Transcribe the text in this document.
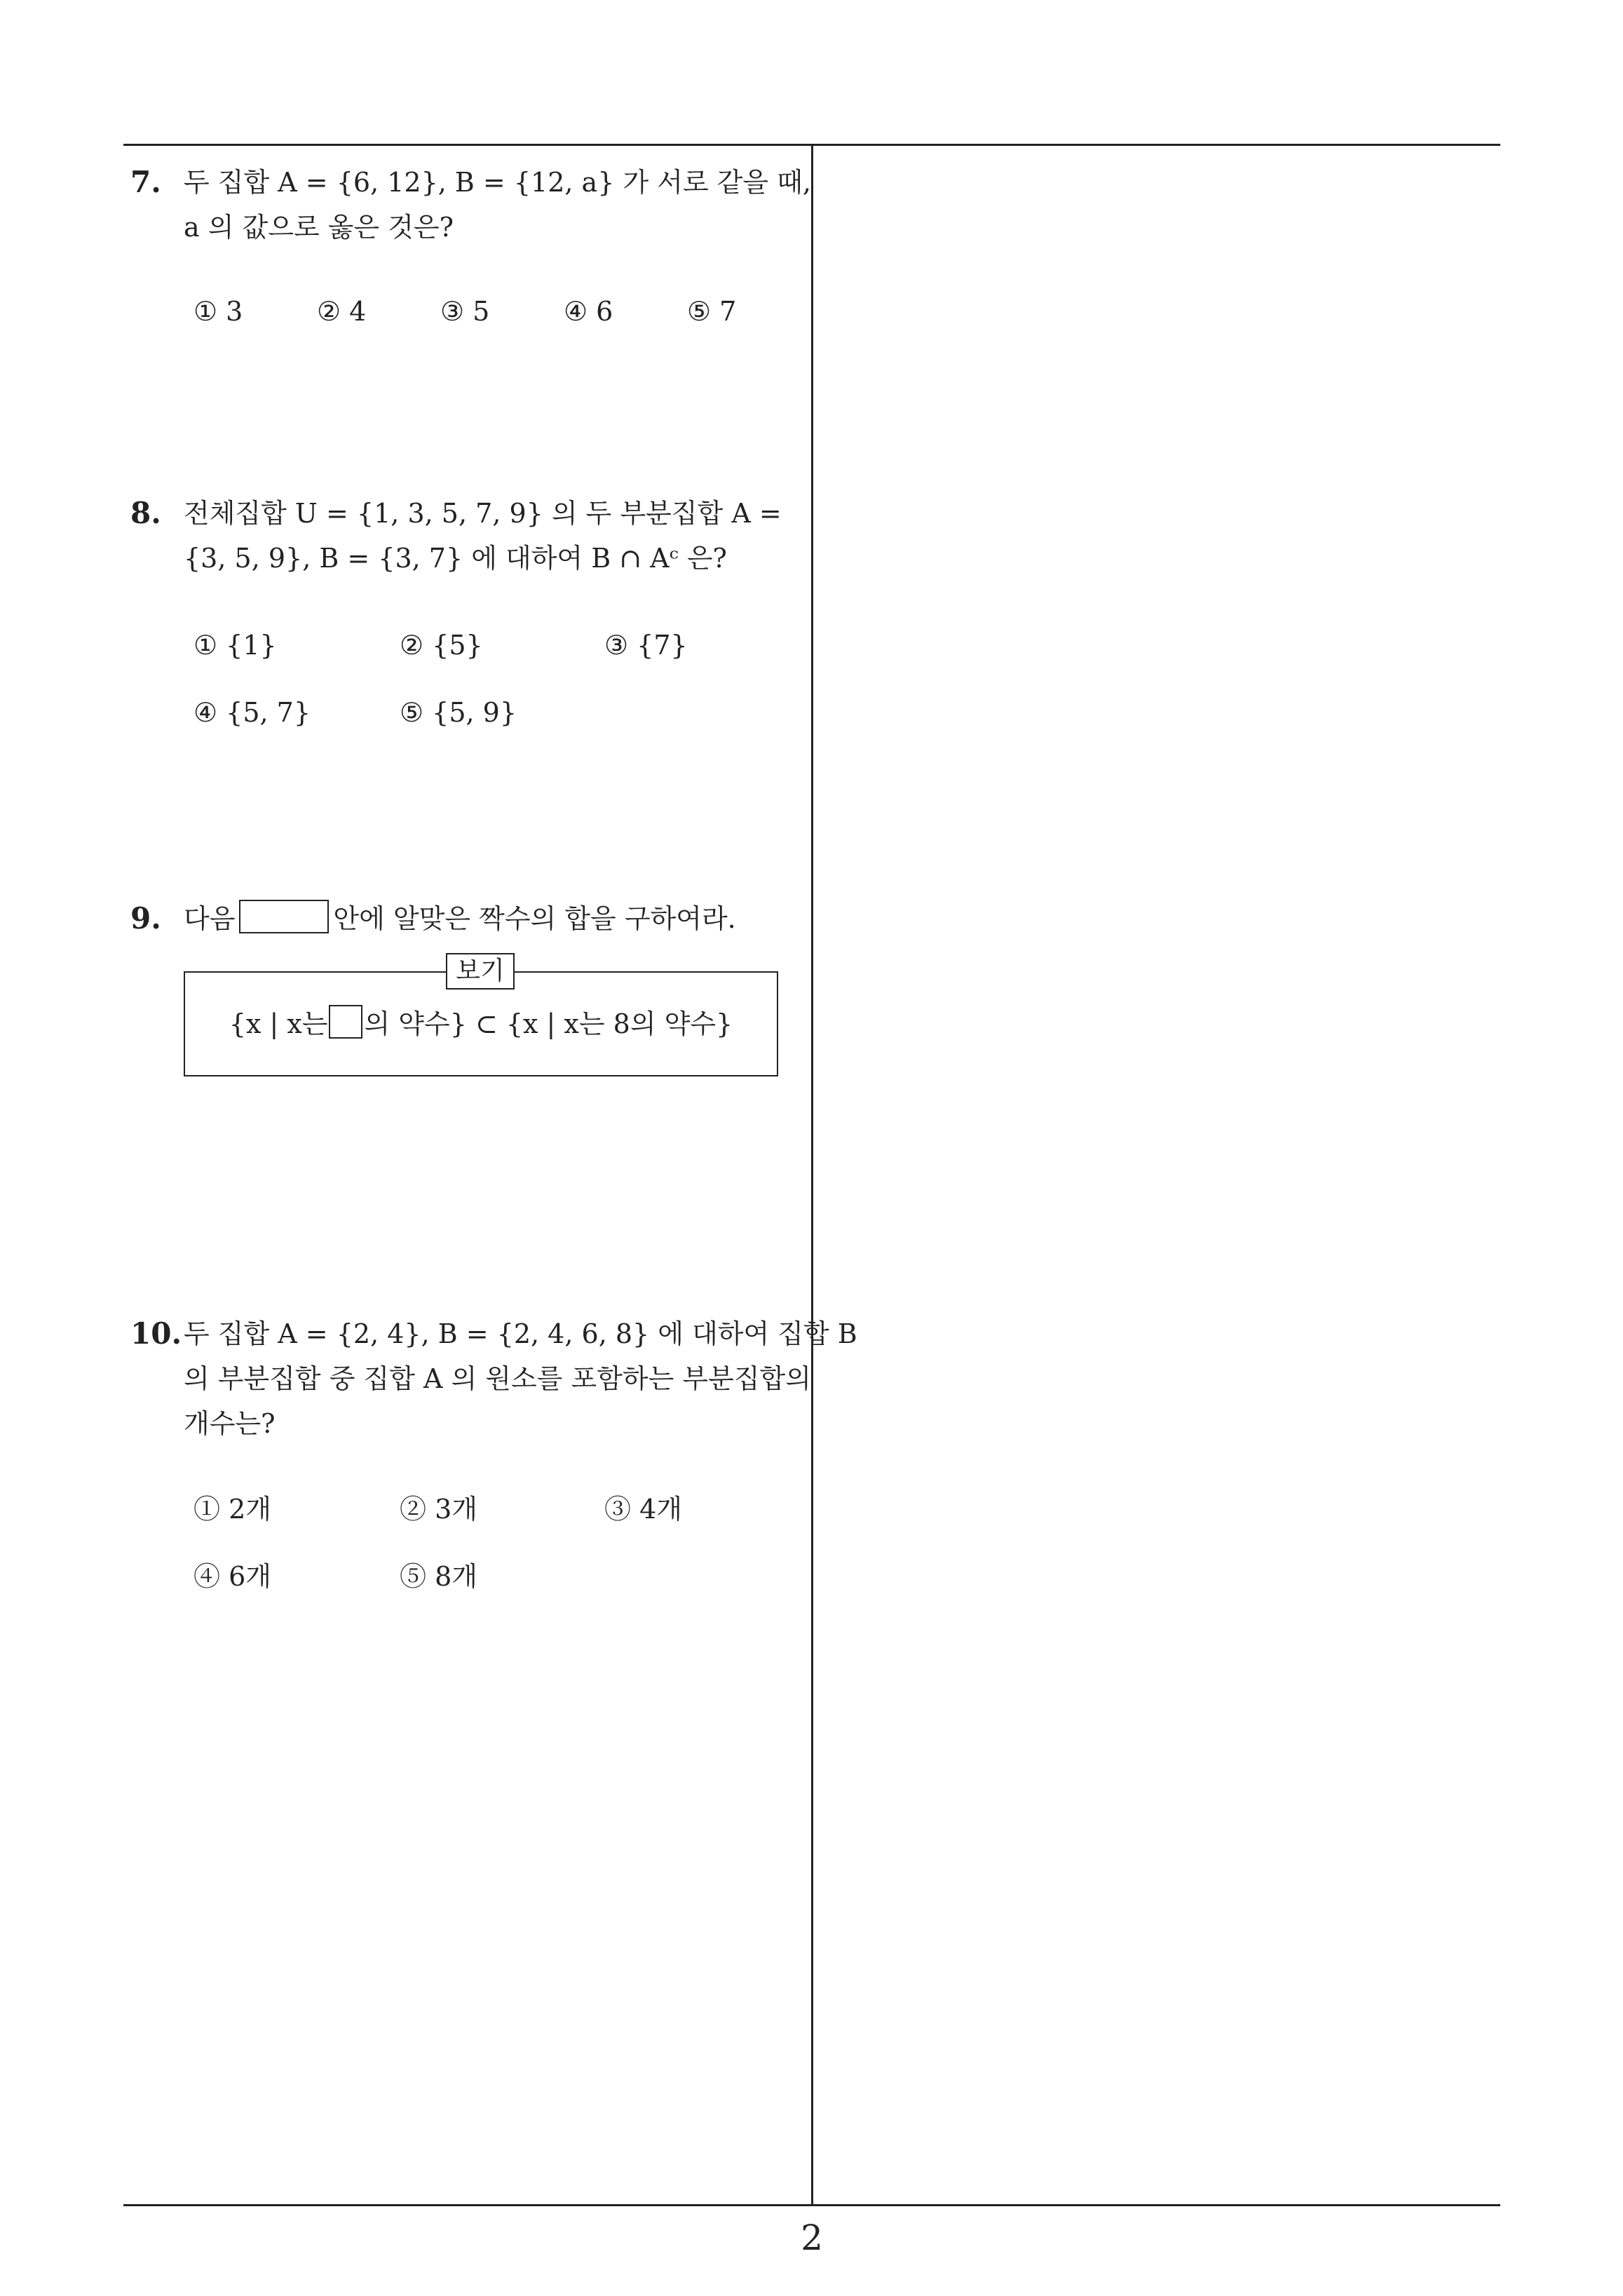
7. 두 집합 A = {6, 12}, B = {12, a} 가 서로 같을 때,
a 의 값으로 옳은 것은?
① 3	② 4	③ 5	④ 6	⑤ 7
8. 전체집합 U = {1, 3, 5, 7, 9} 의 두 부분집합 A =
{3, 5, 9}, B = {3, 7} 에 대하여 B ∩ Aᶜ 은?
① {1}	② {5}	③ {7}
④ {5, 7}	⑤ {5, 9}
9. 다음	안에 알맞은 짝수의 합을 구하여라.
보기
{x | x는 의 약수} ⊂ {x | x는 8의 약수}
10. 두 집합 A = {2, 4}, B = {2, 4, 6, 8} 에 대하여 집합 B
의 부분집합 중 집합 A 의 원소를 포함하는 부분집합의
개수는?
① 2개	② 3개	③ 4개
④ 6개	⑤ 8개
2
